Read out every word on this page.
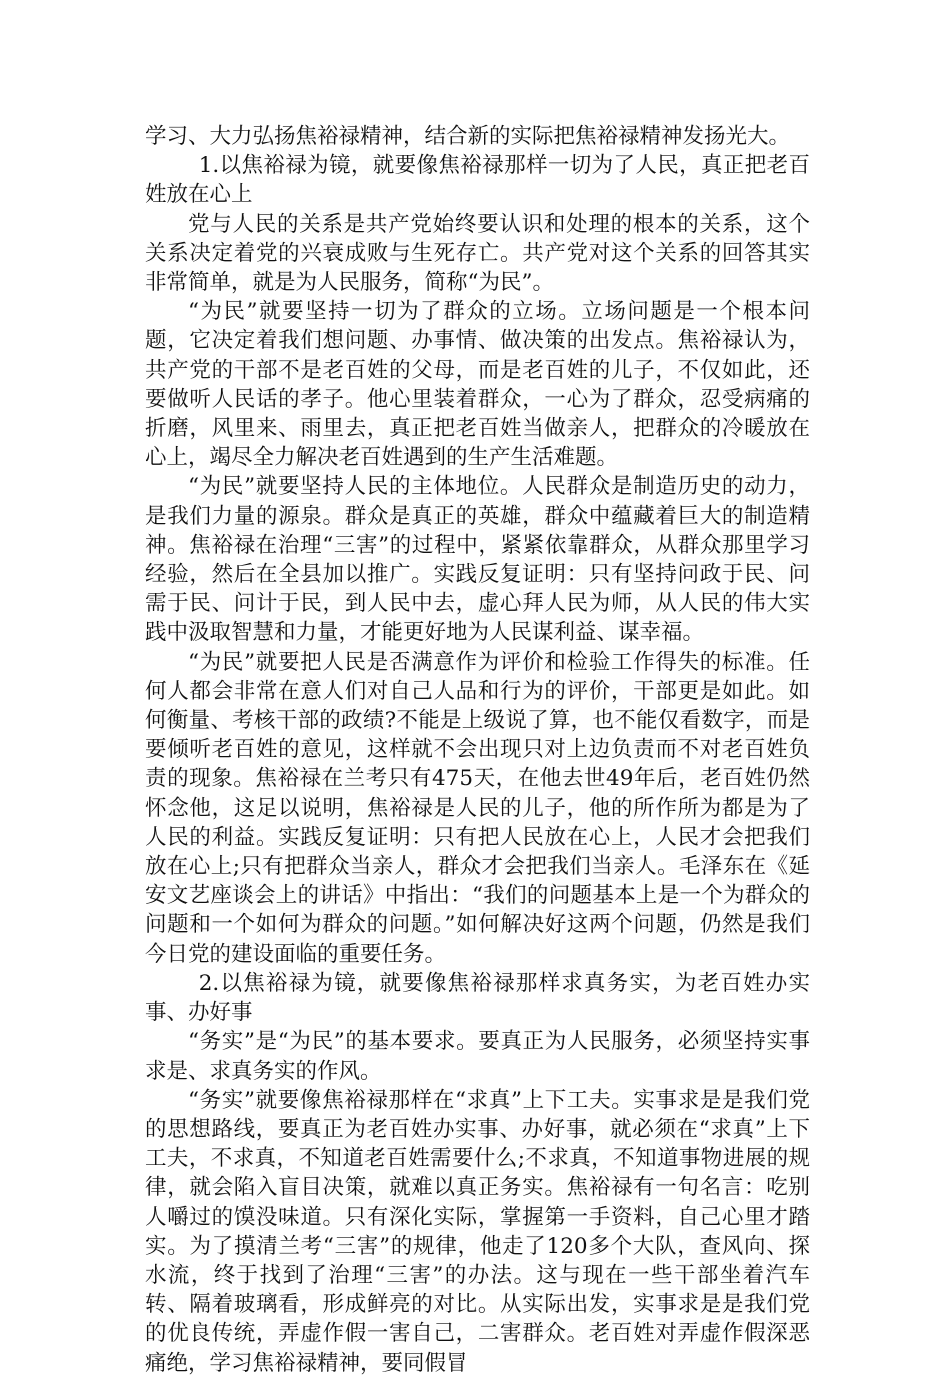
学习、大力弘扬焦裕禄精神，结合新的实际把焦裕禄精神发扬光大。

1.以焦裕禄为镜，就要像焦裕禄那样一切为了人民，真正把老百姓放在心上

党与人民的关系是共产党始终要认识和处理的根本的关系，这个关系决定着党的兴衰成败与生死存亡。共产党对这个关系的回答其实非常简单，就是为人民服务，简称“为民”。

“为民”就要坚持一切为了群众的立场。立场问题是一个根本问题，它决定着我们想问题、办事情、做决策的出发点。焦裕禄认为，共产党的干部不是老百姓的父母，而是老百姓的儿子，不仅如此，还要做听人民话的孝子。他心里装着群众，一心为了群众，忍受病痛的折磨，风里来、雨里去，真正把老百姓当做亲人，把群众的冷暖放在心上，竭尽全力解决老百姓遇到的生产生活难题。

“为民”就要坚持人民的主体地位。人民群众是制造历史的动力，是我们力量的源泉。群众是真正的英雄，群众中蕴藏着巨大的制造精神。焦裕禄在治理“三害”的过程中，紧紧依靠群众，从群众那里学习经验，然后在全县加以推广。实践反复证明：只有坚持问政于民、问需于民、问计于民，到人民中去，虚心拜人民为师，从人民的伟大实践中汲取智慧和力量，才能更好地为人民谋利益、谋幸福。

“为民”就要把人民是否满意作为评价和检验工作得失的标准。任何人都会非常在意人们对自己人品和行为的评价，干部更是如此。如何衡量、考核干部的政绩?不能是上级说了算，也不能仅看数字，而是要倾听老百姓的意见，这样就不会出现只对上边负责而不对老百姓负责的现象。焦裕禄在兰考只有475天，在他去世49年后，老百姓仍然怀念他，这足以说明，焦裕禄是人民的儿子，他的所作所为都是为了人民的利益。实践反复证明：只有把人民放在心上，人民才会把我们放在心上;只有把群众当亲人，群众才会把我们当亲人。毛泽东在《延安文艺座谈会上的讲话》中指出：“我们的问题基本上是一个为群众的问题和一个如何为群众的问题。”如何解决好这两个问题，仍然是我们今日党的建设面临的重要任务。

2.以焦裕禄为镜，就要像焦裕禄那样求真务实，为老百姓办实事、办好事

“务实”是“为民”的基本要求。要真正为人民服务，必须坚持实事求是、求真务实的作风。

“务实”就要像焦裕禄那样在“求真”上下工夫。实事求是是我们党的思想路线，要真正为老百姓办实事、办好事，就必须在“求真”上下工夫，不求真，不知道老百姓需要什么;不求真，不知道事物进展的规律，就会陷入盲目决策，就难以真正务实。焦裕禄有一句名言：吃别人嚼过的馍没味道。只有深化实际，掌握第一手资料，自己心里才踏实。为了摸清兰考“三害”的规律，他走了120多个大队，查风向、探水流，终于找到了治理“三害”的办法。这与现在一些干部坐着汽车转、隔着玻璃看，形成鲜亮的对比。从实际出发，实事求是是我们党的优良传统，弄虚作假一害自己，二害群众。老百姓对弄虚作假深恶痛绝，学习焦裕禄精神，要同假冒
